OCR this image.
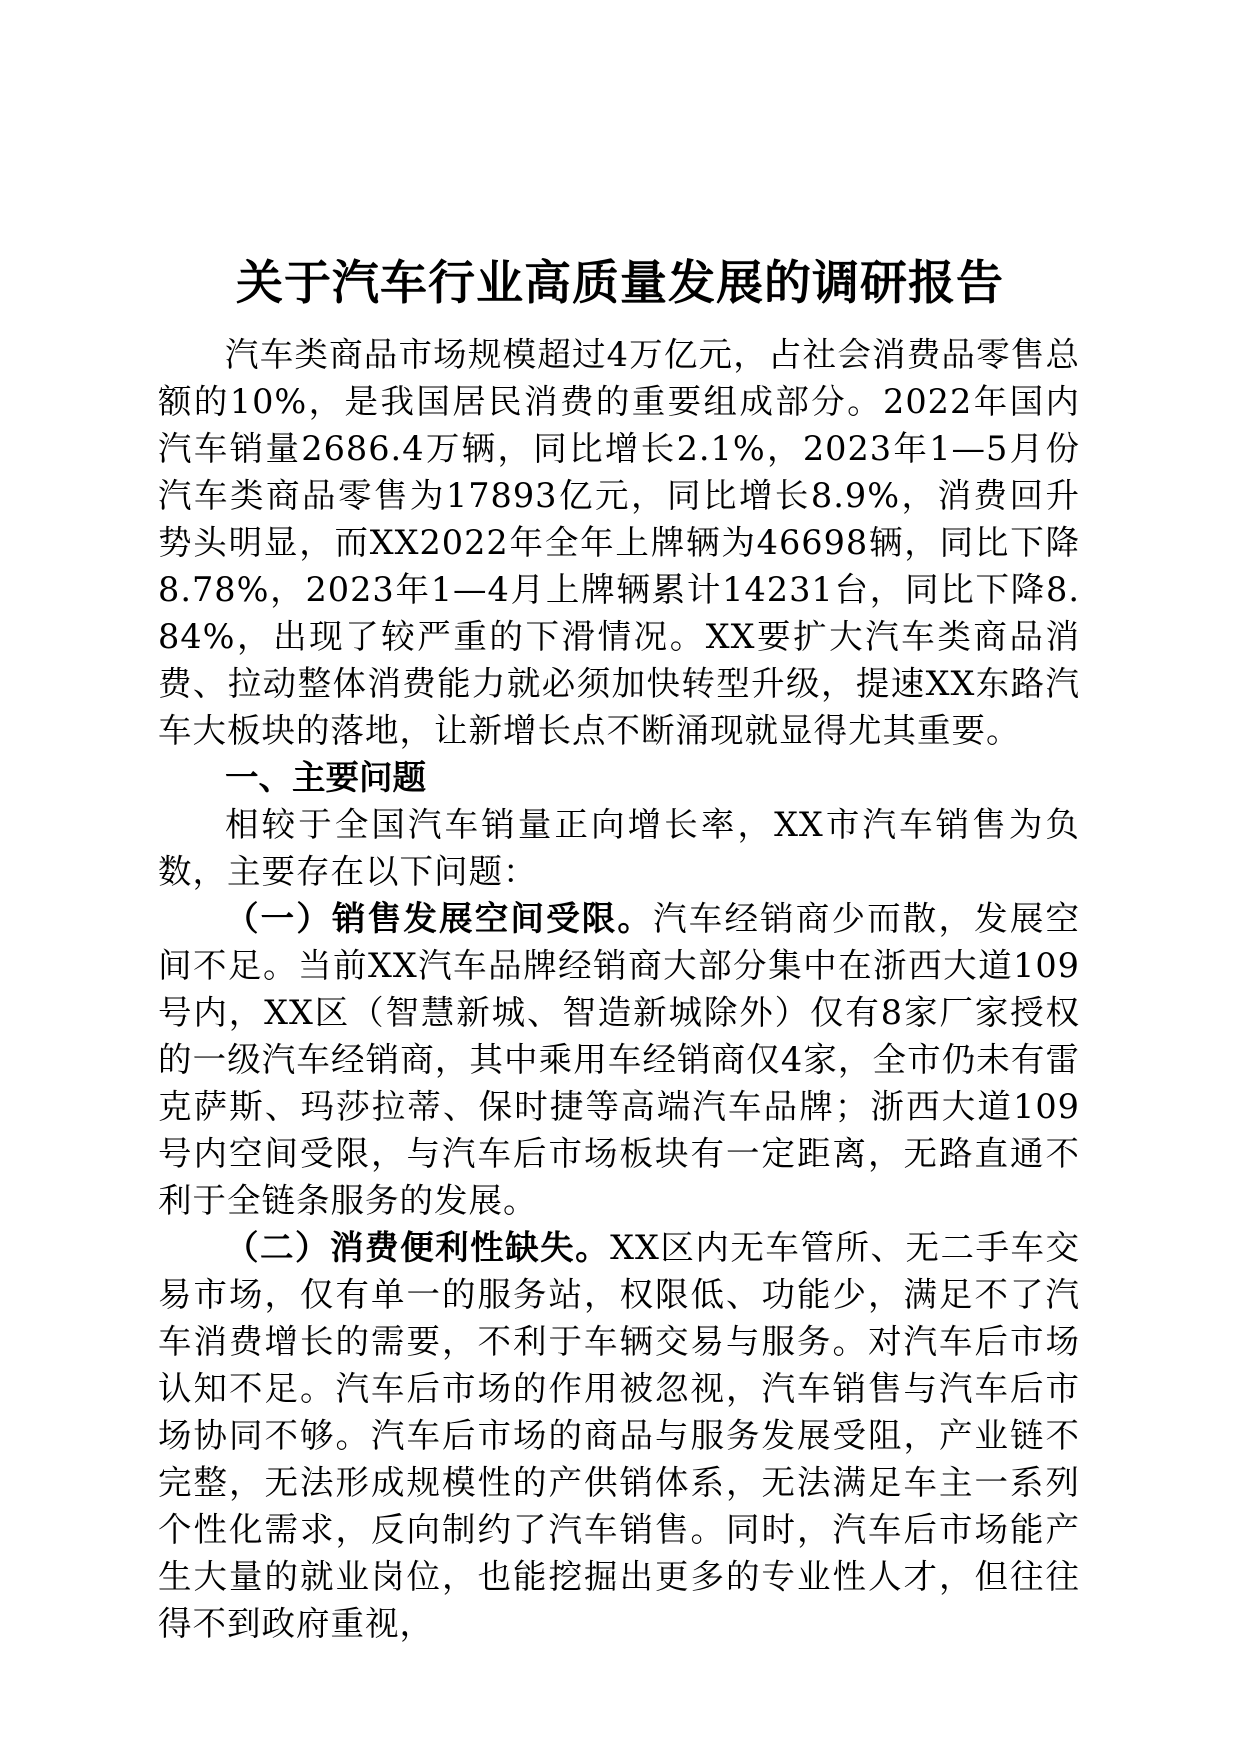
关于汽车行业高质量发展的调研报告

汽车类商品市场规模超过4万亿元，占社会消费品零售总额的10%，是我国居民消费的重要组成部分。2022年国内汽车销量2686.4万辆，同比增长2.1%，2023年1—5月份汽车类商品零售为17893亿元，同比增长8.9%，消费回升势头明显，而XX2022年全年上牌辆为46698辆，同比下降8.78%，2023年1—4月上牌辆累计14231台，同比下降8.84%，出现了较严重的下滑情况。XX要扩大汽车类商品消费、拉动整体消费能力就必须加快转型升级，提速XX东路汽车大板块的落地，让新增长点不断涌现就显得尤其重要。

一、主要问题

相较于全国汽车销量正向增长率，XX市汽车销售为负数，主要存在以下问题：

（一）销售发展空间受限。汽车经销商少而散，发展空间不足。当前XX汽车品牌经销商大部分集中在浙西大道109号内，XX区（智慧新城、智造新城除外）仅有8家厂家授权的一级汽车经销商，其中乘用车经销商仅4家，全市仍未有雷克萨斯、玛莎拉蒂、保时捷等高端汽车品牌；浙西大道109号内空间受限，与汽车后市场板块有一定距离，无路直通不利于全链条服务的发展。

（二）消费便利性缺失。XX区内无车管所、无二手车交易市场，仅有单一的服务站，权限低、功能少，满足不了汽车消费增长的需要，不利于车辆交易与服务。对汽车后市场认知不足。汽车后市场的作用被忽视，汽车销售与汽车后市场协同不够。汽车后市场的商品与服务发展受阻，产业链不完整，无法形成规模性的产供销体系，无法满足车主一系列个性化需求，反向制约了汽车销售。同时，汽车后市场能产生大量的就业岗位，也能挖掘出更多的专业性人才，但往往得不到政府重视，
